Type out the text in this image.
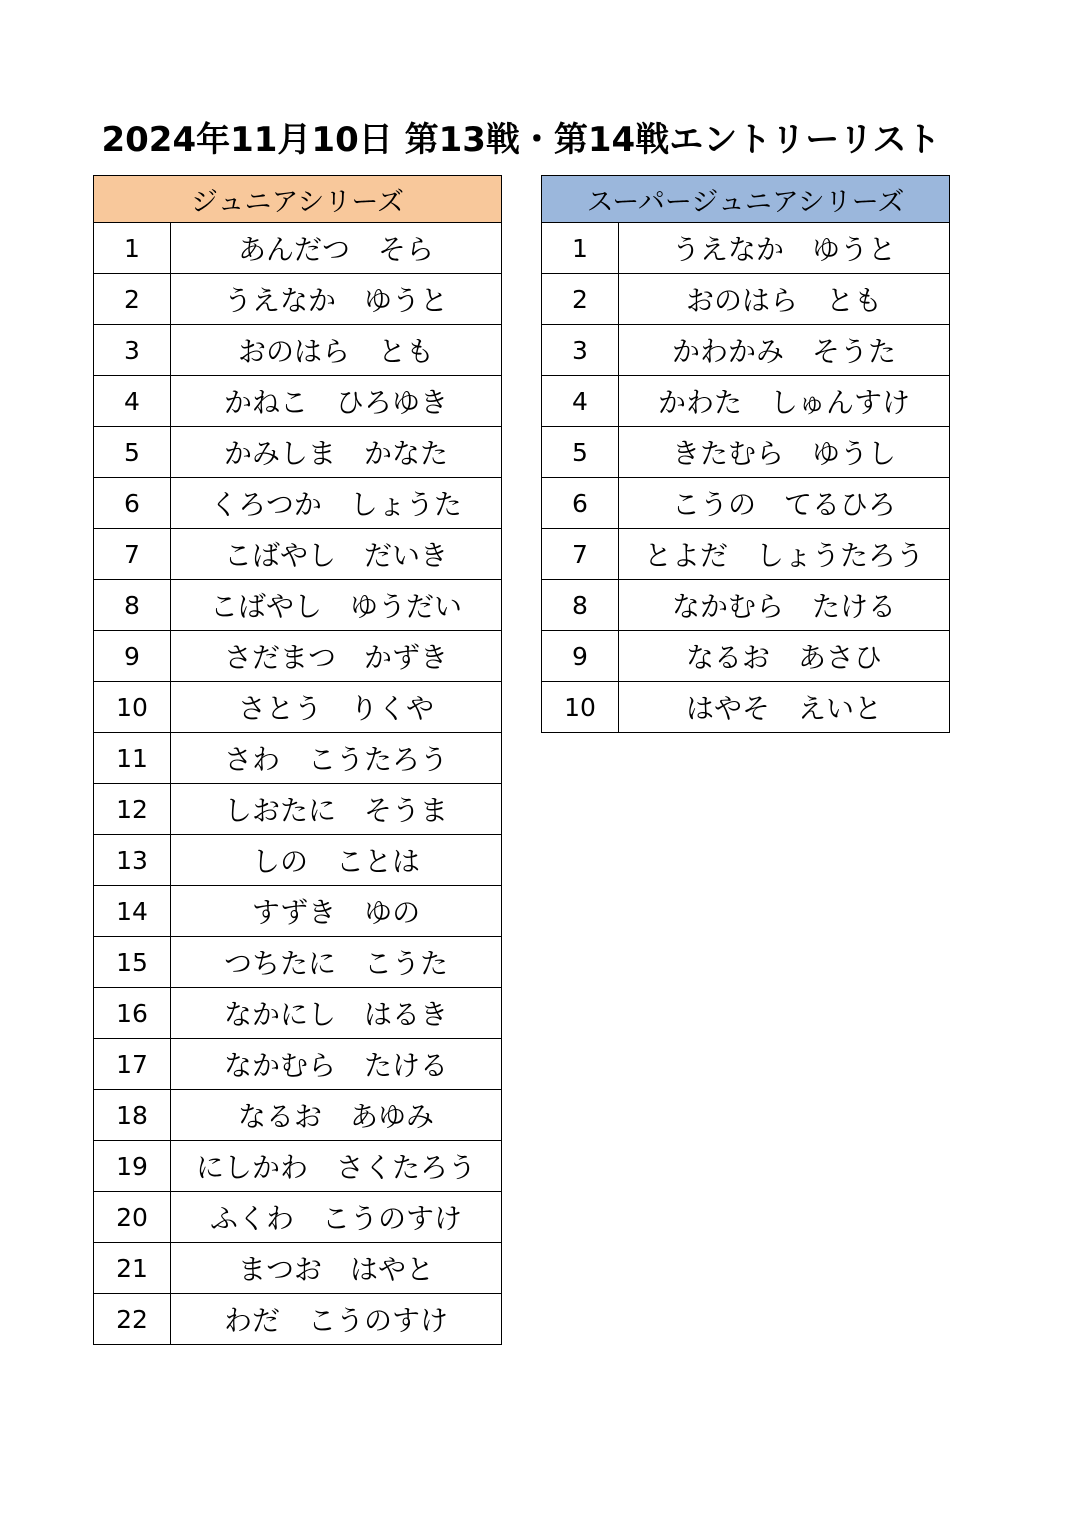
2024年11月10日 第13戦・第14戦エントリーリスト
ジュニアシリーズ	
1	あんだつ　そら
2	うえなか　ゆうと
3	おのはら　とも
4	かねこ　ひろゆき
5	かみしま　かなた
6	くろつか　しょうた
7	こばやし　だいき
8	こばやし　ゆうだい
9	さだまつ　かずき
10	さとう　りくや
11	さわ　こうたろう
12	しおたに　そうま
13	しの　ことは
14	すずき　ゆの
15	つちたに　こうた
16	なかにし　はるき
17	なかむら　たける
18	なるお　あゆみ
19	にしかわ　さくたろう
20	ふくわ　こうのすけ
21	まつお　はやと
22	わだ　こうのすけ
スーパージュニアシリーズ	
1	うえなか　ゆうと
2	おのはら　とも
3	かわかみ　そうた
4	かわた　しゅんすけ
5	きたむら　ゆうし
6	こうの　てるひろ
7	とよだ　しょうたろう
8	なかむら　たける
9	なるお　あさひ
10	はやそ　えいと
